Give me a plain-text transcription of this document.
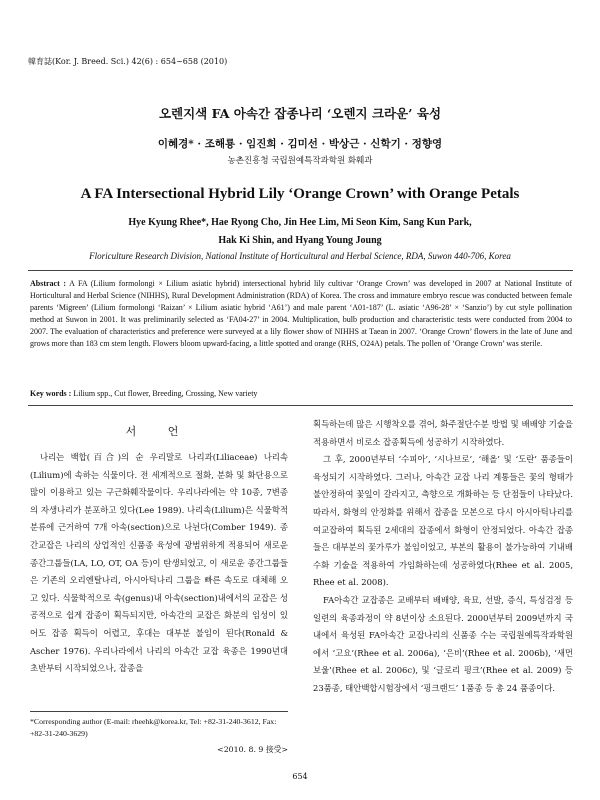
韓育誌(Kor. J. Breed. Sci.) 42(6) : 654~658 (2010)
오렌지색 FA 아속간 잡종나리 ‘오렌지 크라운’ 육성
이혜경* · 조해룡 · 임진희 · 김미선 · 박상근 · 신학기 · 정향영
농촌진흥청 국립원예특작과학원 화훼과
A FA Intersectional Hybrid Lily ‘Orange Crown’ with Orange Petals
Hye Kyung Rhee*, Hae Ryong Cho, Jin Hee Lim, Mi Seon Kim, Sang Kun Park,
Hak Ki Shin, and Hyang Young Joung
Floriculture Research Division, National Institute of Horticultural and Herbal Science, RDA, Suwon 440-706, Korea
Abstract : A FA (Lilium formolongi × Lilium asiatic hybrid) intersectional hybrid lily cultivar ‘Orange Crown’ was developed in 2007 at National Institute of Horticultural and Herbal Science (NIHHS), Rural Development Administration (RDA) of Korea. The cross and immature embryo rescue was conducted between female parents ‘Migreen’ (Lilium formolongi ‘Raizan’ × Lilium asiatic hybrid ‘A61’) and male parent ‘A01-187’ (L. asiatic ‘A96-28’ × ‘Sanzio’) by cut style pollination method at Suwon in 2001. It was preliminarily selected as ‘FA04-27’ in 2004. Multiplication, bulb production and characteristic tests were conducted from 2004 to 2007. The evaluation of characteristics and preference were surveyed at a lily flower show of NIHHS at Taean in 2007. ‘Orange Crown’ flowers in the late of June and grows more than 183 cm stem length. Flowers bloom upward-facing, a little spotted and orange (RHS, O24A) petals. The pollen of ‘Orange Crown’ was sterile.
Key words : Lilium spp., Cut flower, Breeding, Crossing, New variety
서 언

나리는 백합(百合)의 순 우리말로 나리과(Liliaceae) 나리속(Lilium)에 속하는 식물이다. 전 세계적으로 절화, 분화 및 화단용으로 많이 이용하고 있는 구근화훼작물이다. 우리나라에는 약 10종, 7변종의 자생나리가 분포하고 있다(Lee 1989). 나리속(Lilium)은 식물학적 분류에 근거하여 7개 아속(section)으로 나뉜다(Comber 1949). 종간교잡은 나리의 상업적인 신품종 육성에 광범위하게 적용되어 새로운 종간그룹들(LA, LO, OT, OA 등)이 탄생되었고, 이 새로운 종간그룹들은 기존의 오리엔탈나리, 아시아틱나리 그룹을 빠른 속도로 대체해 오고 있다. 식물학적으로 속(genus)내 아속(section)내에서의 교잡은 성공적으로 쉽게 잡종이 획득되지만, 아속간의 교잡은 화분의 임성이 있어도 잡종 획득이 어렵고, 후대는 대부분 불임이 된다(Ronald & Ascher 1976). 우리나라에서 나리의 아속간 교잡 육종은 1990년대 초반부터 시작되었으나, 잡종을

획득하는데 많은 시행착오를 겪어, 화주절단수분 방법 및 배배양 기술을 적용하면서 비로소 잡종획득에 성공하기 시작하였다.

그 후, 2000년부터 ‘수피아’, ‘시나브로’, ‘해올’ 및 ‘도란’ 품종들이 육성되기 시작하였다. 그러나, 아속간 교잡 나리 계통들은 꽃의 형태가 불안정하여 꽃잎이 갈라지고, 측향으로 개화하는 등 단점들이 나타났다. 따라서, 화형의 안정화를 위해서 잡종을 모본으로 다시 아시아틱나리를 여교잡하여 획득된 2세대의 잡종에서 화형이 안정되었다. 아속간 잡종들은 대부분의 꽃가루가 불임이었고, 부본의 활용이 불가능하여 기내배수화 기술을 적용하여 가임화하는데 성공하였다(Rhee et al. 2005, Rhee et al. 2008).

FA아속간 교잡종은 교배부터 배배양, 육묘, 선발, 증식, 특성검정 등 일련의 육종과정이 약 8년이상 소요된다. 2000년부터 2009년까지 국내에서 육성된 FA아속간 교잡나리의 신품종 수는 국립원예특작과학원에서 ‘고요’(Rhee et al. 2006a), ‘은비’(Rhee et al. 2006b), ‘새먼보울’(Rhee et al. 2006c), 및 ‘글로리 핑크’(Rhee et al. 2009) 등 23품종, 태안백합시험장에서 ‘핑크랜드’ 1품종 등 총 24 품종이다.

*Corresponding author (E-mail: rheehk@korea.kr, Tel: +82-31-240-3612, Fax: +82-31-240-3629)
<2010. 8. 9 接受>
654
